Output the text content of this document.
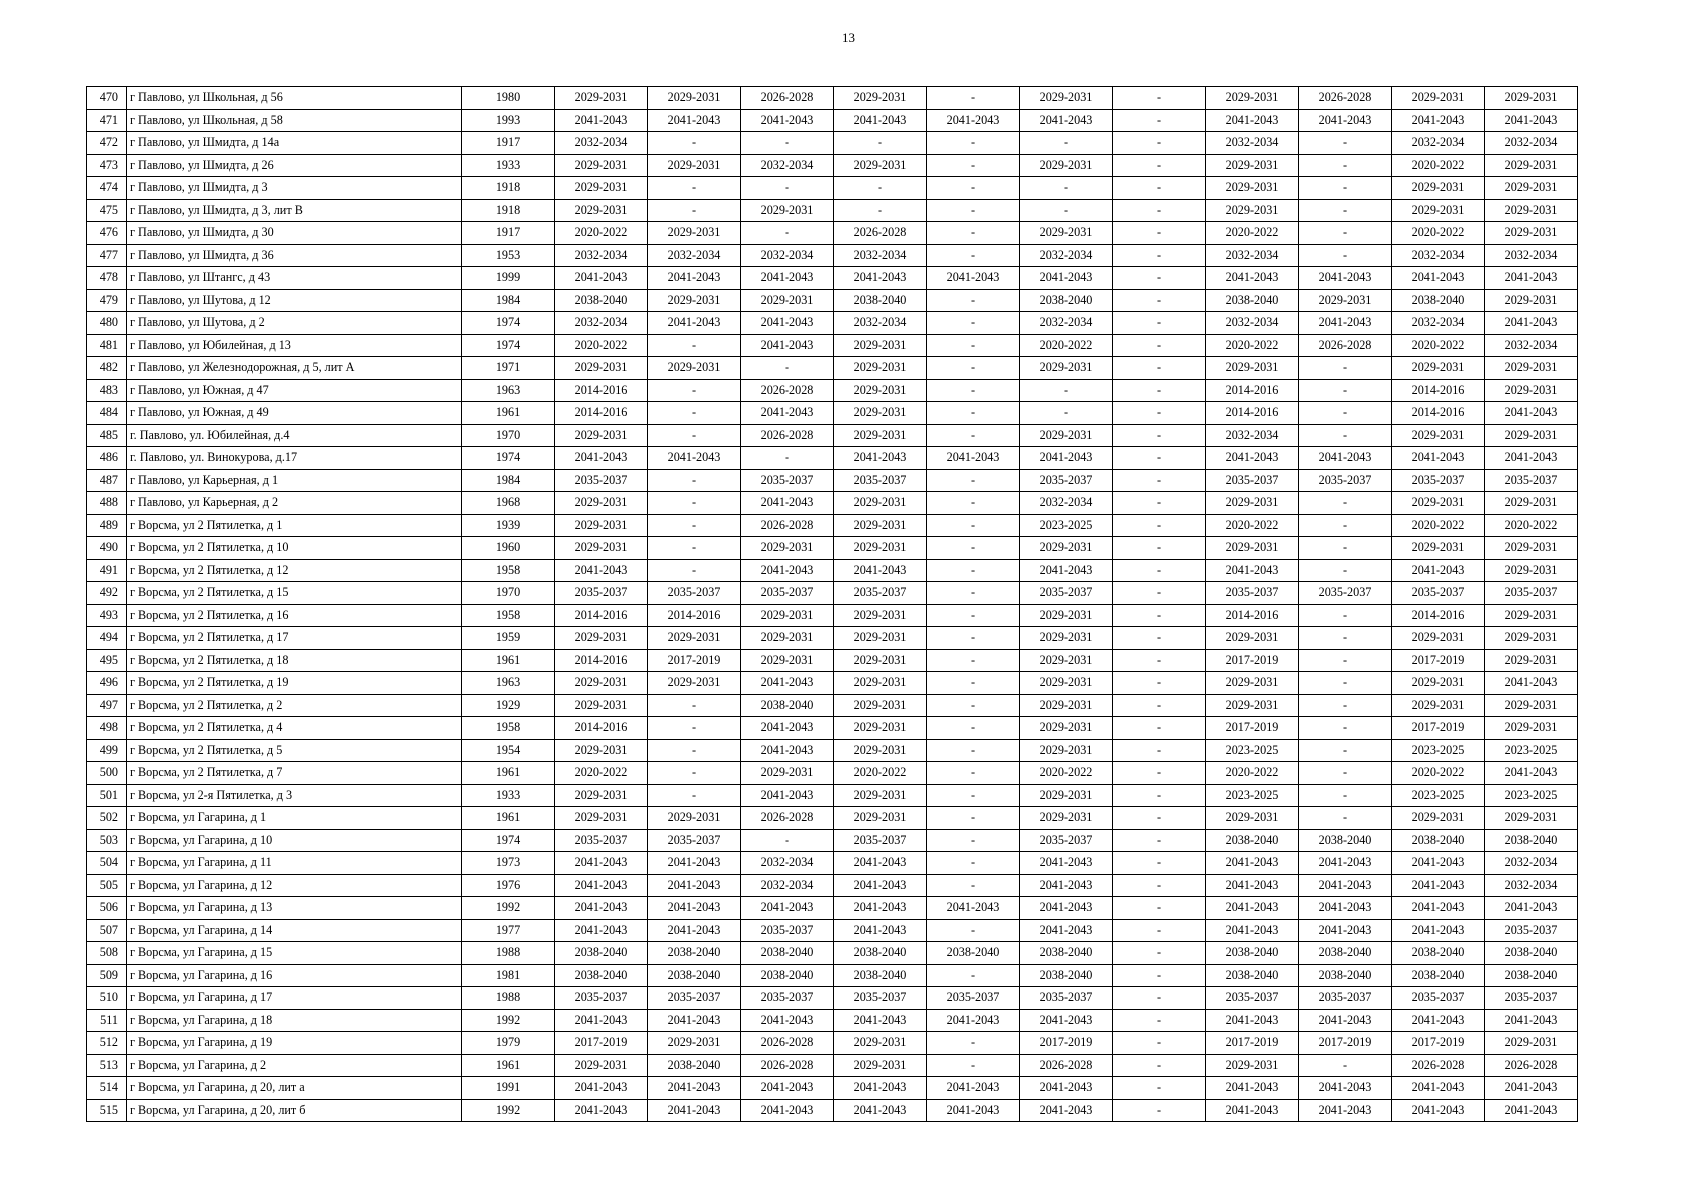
13
470	г Павлово, ул Школьная, д 56	1980	2029-2031	2029-2031	2026-2028	2029-2031	-	2029-2031	-	2029-2031	2026-2028	2029-2031	2029-2031
471	г Павлово, ул Школьная, д 58	1993	2041-2043	2041-2043	2041-2043	2041-2043	2041-2043	2041-2043	-	2041-2043	2041-2043	2041-2043	2041-2043
472	г Павлово, ул Шмидта, д 14а	1917	2032-2034	-	-	-	-	-	-	2032-2034	-	2032-2034	2032-2034
473	г Павлово, ул Шмидта, д 26	1933	2029-2031	2029-2031	2032-2034	2029-2031	-	2029-2031	-	2029-2031	-	2020-2022	2029-2031
474	г Павлово, ул Шмидта, д 3	1918	2029-2031	-	-	-	-	-	-	2029-2031	-	2029-2031	2029-2031
475	г Павлово, ул Шмидта, д 3, лит В	1918	2029-2031	-	2029-2031	-	-	-	-	2029-2031	-	2029-2031	2029-2031
476	г Павлово, ул Шмидта, д 30	1917	2020-2022	2029-2031	-	2026-2028	-	2029-2031	-	2020-2022	-	2020-2022	2029-2031
477	г Павлово, ул Шмидта, д 36	1953	2032-2034	2032-2034	2032-2034	2032-2034	-	2032-2034	-	2032-2034	-	2032-2034	2032-2034
478	г Павлово, ул Штангс, д 43	1999	2041-2043	2041-2043	2041-2043	2041-2043	2041-2043	2041-2043	-	2041-2043	2041-2043	2041-2043	2041-2043
479	г Павлово, ул Шутова, д 12	1984	2038-2040	2029-2031	2029-2031	2038-2040	-	2038-2040	-	2038-2040	2029-2031	2038-2040	2029-2031
480	г Павлово, ул Шутова, д 2	1974	2032-2034	2041-2043	2041-2043	2032-2034	-	2032-2034	-	2032-2034	2041-2043	2032-2034	2041-2043
481	г Павлово, ул Юбилейная, д 13	1974	2020-2022	-	2041-2043	2029-2031	-	2020-2022	-	2020-2022	2026-2028	2020-2022	2032-2034
482	г Павлово, ул Железнодорожная, д 5, лит А	1971	2029-2031	2029-2031	-	2029-2031	-	2029-2031	-	2029-2031	-	2029-2031	2029-2031
483	г Павлово, ул Южная, д 47	1963	2014-2016	-	2026-2028	2029-2031	-	-	-	2014-2016	-	2014-2016	2029-2031
484	г Павлово, ул Южная, д 49	1961	2014-2016	-	2041-2043	2029-2031	-	-	-	2014-2016	-	2014-2016	2041-2043
485	г. Павлово, ул. Юбилейная, д.4	1970	2029-2031	-	2026-2028	2029-2031	-	2029-2031	-	2032-2034	-	2029-2031	2029-2031
486	г. Павлово, ул. Винокурова, д.17	1974	2041-2043	2041-2043	-	2041-2043	2041-2043	2041-2043	-	2041-2043	2041-2043	2041-2043	2041-2043
487	г Павлово, ул Карьерная, д 1	1984	2035-2037	-	2035-2037	2035-2037	-	2035-2037	-	2035-2037	2035-2037	2035-2037	2035-2037
488	г Павлово, ул Карьерная, д 2	1968	2029-2031	-	2041-2043	2029-2031	-	2032-2034	-	2029-2031	-	2029-2031	2029-2031
489	г Ворсма, ул 2 Пятилетка, д 1	1939	2029-2031	-	2026-2028	2029-2031	-	2023-2025	-	2020-2022	-	2020-2022	2020-2022
490	г Ворсма, ул 2 Пятилетка, д 10	1960	2029-2031	-	2029-2031	2029-2031	-	2029-2031	-	2029-2031	-	2029-2031	2029-2031
491	г Ворсма, ул 2 Пятилетка, д 12	1958	2041-2043	-	2041-2043	2041-2043	-	2041-2043	-	2041-2043	-	2041-2043	2029-2031
492	г Ворсма, ул 2 Пятилетка, д 15	1970	2035-2037	2035-2037	2035-2037	2035-2037	-	2035-2037	-	2035-2037	2035-2037	2035-2037	2035-2037
493	г Ворсма, ул 2 Пятилетка, д 16	1958	2014-2016	2014-2016	2029-2031	2029-2031	-	2029-2031	-	2014-2016	-	2014-2016	2029-2031
494	г Ворсма, ул 2 Пятилетка, д 17	1959	2029-2031	2029-2031	2029-2031	2029-2031	-	2029-2031	-	2029-2031	-	2029-2031	2029-2031
495	г Ворсма, ул 2 Пятилетка, д 18	1961	2014-2016	2017-2019	2029-2031	2029-2031	-	2029-2031	-	2017-2019	-	2017-2019	2029-2031
496	г Ворсма, ул 2 Пятилетка, д 19	1963	2029-2031	2029-2031	2041-2043	2029-2031	-	2029-2031	-	2029-2031	-	2029-2031	2041-2043
497	г Ворсма, ул 2 Пятилетка, д 2	1929	2029-2031	-	2038-2040	2029-2031	-	2029-2031	-	2029-2031	-	2029-2031	2029-2031
498	г Ворсма, ул 2 Пятилетка, д 4	1958	2014-2016	-	2041-2043	2029-2031	-	2029-2031	-	2017-2019	-	2017-2019	2029-2031
499	г Ворсма, ул 2 Пятилетка, д 5	1954	2029-2031	-	2041-2043	2029-2031	-	2029-2031	-	2023-2025	-	2023-2025	2023-2025
500	г Ворсма, ул 2 Пятилетка, д 7	1961	2020-2022	-	2029-2031	2020-2022	-	2020-2022	-	2020-2022	-	2020-2022	2041-2043
501	г Ворсма, ул 2-я Пятилетка, д 3	1933	2029-2031	-	2041-2043	2029-2031	-	2029-2031	-	2023-2025	-	2023-2025	2023-2025
502	г Ворсма, ул Гагарина, д 1	1961	2029-2031	2029-2031	2026-2028	2029-2031	-	2029-2031	-	2029-2031	-	2029-2031	2029-2031
503	г Ворсма, ул Гагарина, д 10	1974	2035-2037	2035-2037	-	2035-2037	-	2035-2037	-	2038-2040	2038-2040	2038-2040	2038-2040
504	г Ворсма, ул Гагарина, д 11	1973	2041-2043	2041-2043	2032-2034	2041-2043	-	2041-2043	-	2041-2043	2041-2043	2041-2043	2032-2034
505	г Ворсма, ул Гагарина, д 12	1976	2041-2043	2041-2043	2032-2034	2041-2043	-	2041-2043	-	2041-2043	2041-2043	2041-2043	2032-2034
506	г Ворсма, ул Гагарина, д 13	1992	2041-2043	2041-2043	2041-2043	2041-2043	2041-2043	2041-2043	-	2041-2043	2041-2043	2041-2043	2041-2043
507	г Ворсма, ул Гагарина, д 14	1977	2041-2043	2041-2043	2035-2037	2041-2043	-	2041-2043	-	2041-2043	2041-2043	2041-2043	2035-2037
508	г Ворсма, ул Гагарина, д 15	1988	2038-2040	2038-2040	2038-2040	2038-2040	2038-2040	2038-2040	-	2038-2040	2038-2040	2038-2040	2038-2040
509	г Ворсма, ул Гагарина, д 16	1981	2038-2040	2038-2040	2038-2040	2038-2040	-	2038-2040	-	2038-2040	2038-2040	2038-2040	2038-2040
510	г Ворсма, ул Гагарина, д 17	1988	2035-2037	2035-2037	2035-2037	2035-2037	2035-2037	2035-2037	-	2035-2037	2035-2037	2035-2037	2035-2037
511	г Ворсма, ул Гагарина, д 18	1992	2041-2043	2041-2043	2041-2043	2041-2043	2041-2043	2041-2043	-	2041-2043	2041-2043	2041-2043	2041-2043
512	г Ворсма, ул Гагарина, д 19	1979	2017-2019	2029-2031	2026-2028	2029-2031	-	2017-2019	-	2017-2019	2017-2019	2017-2019	2029-2031
513	г Ворсма, ул Гагарина, д 2	1961	2029-2031	2038-2040	2026-2028	2029-2031	-	2026-2028	-	2029-2031	-	2026-2028	2026-2028
514	г Ворсма, ул Гагарина, д 20, лит а	1991	2041-2043	2041-2043	2041-2043	2041-2043	2041-2043	2041-2043	-	2041-2043	2041-2043	2041-2043	2041-2043
515	г Ворсма, ул Гагарина, д 20, лит б	1992	2041-2043	2041-2043	2041-2043	2041-2043	2041-2043	2041-2043	-	2041-2043	2041-2043	2041-2043	2041-2043
